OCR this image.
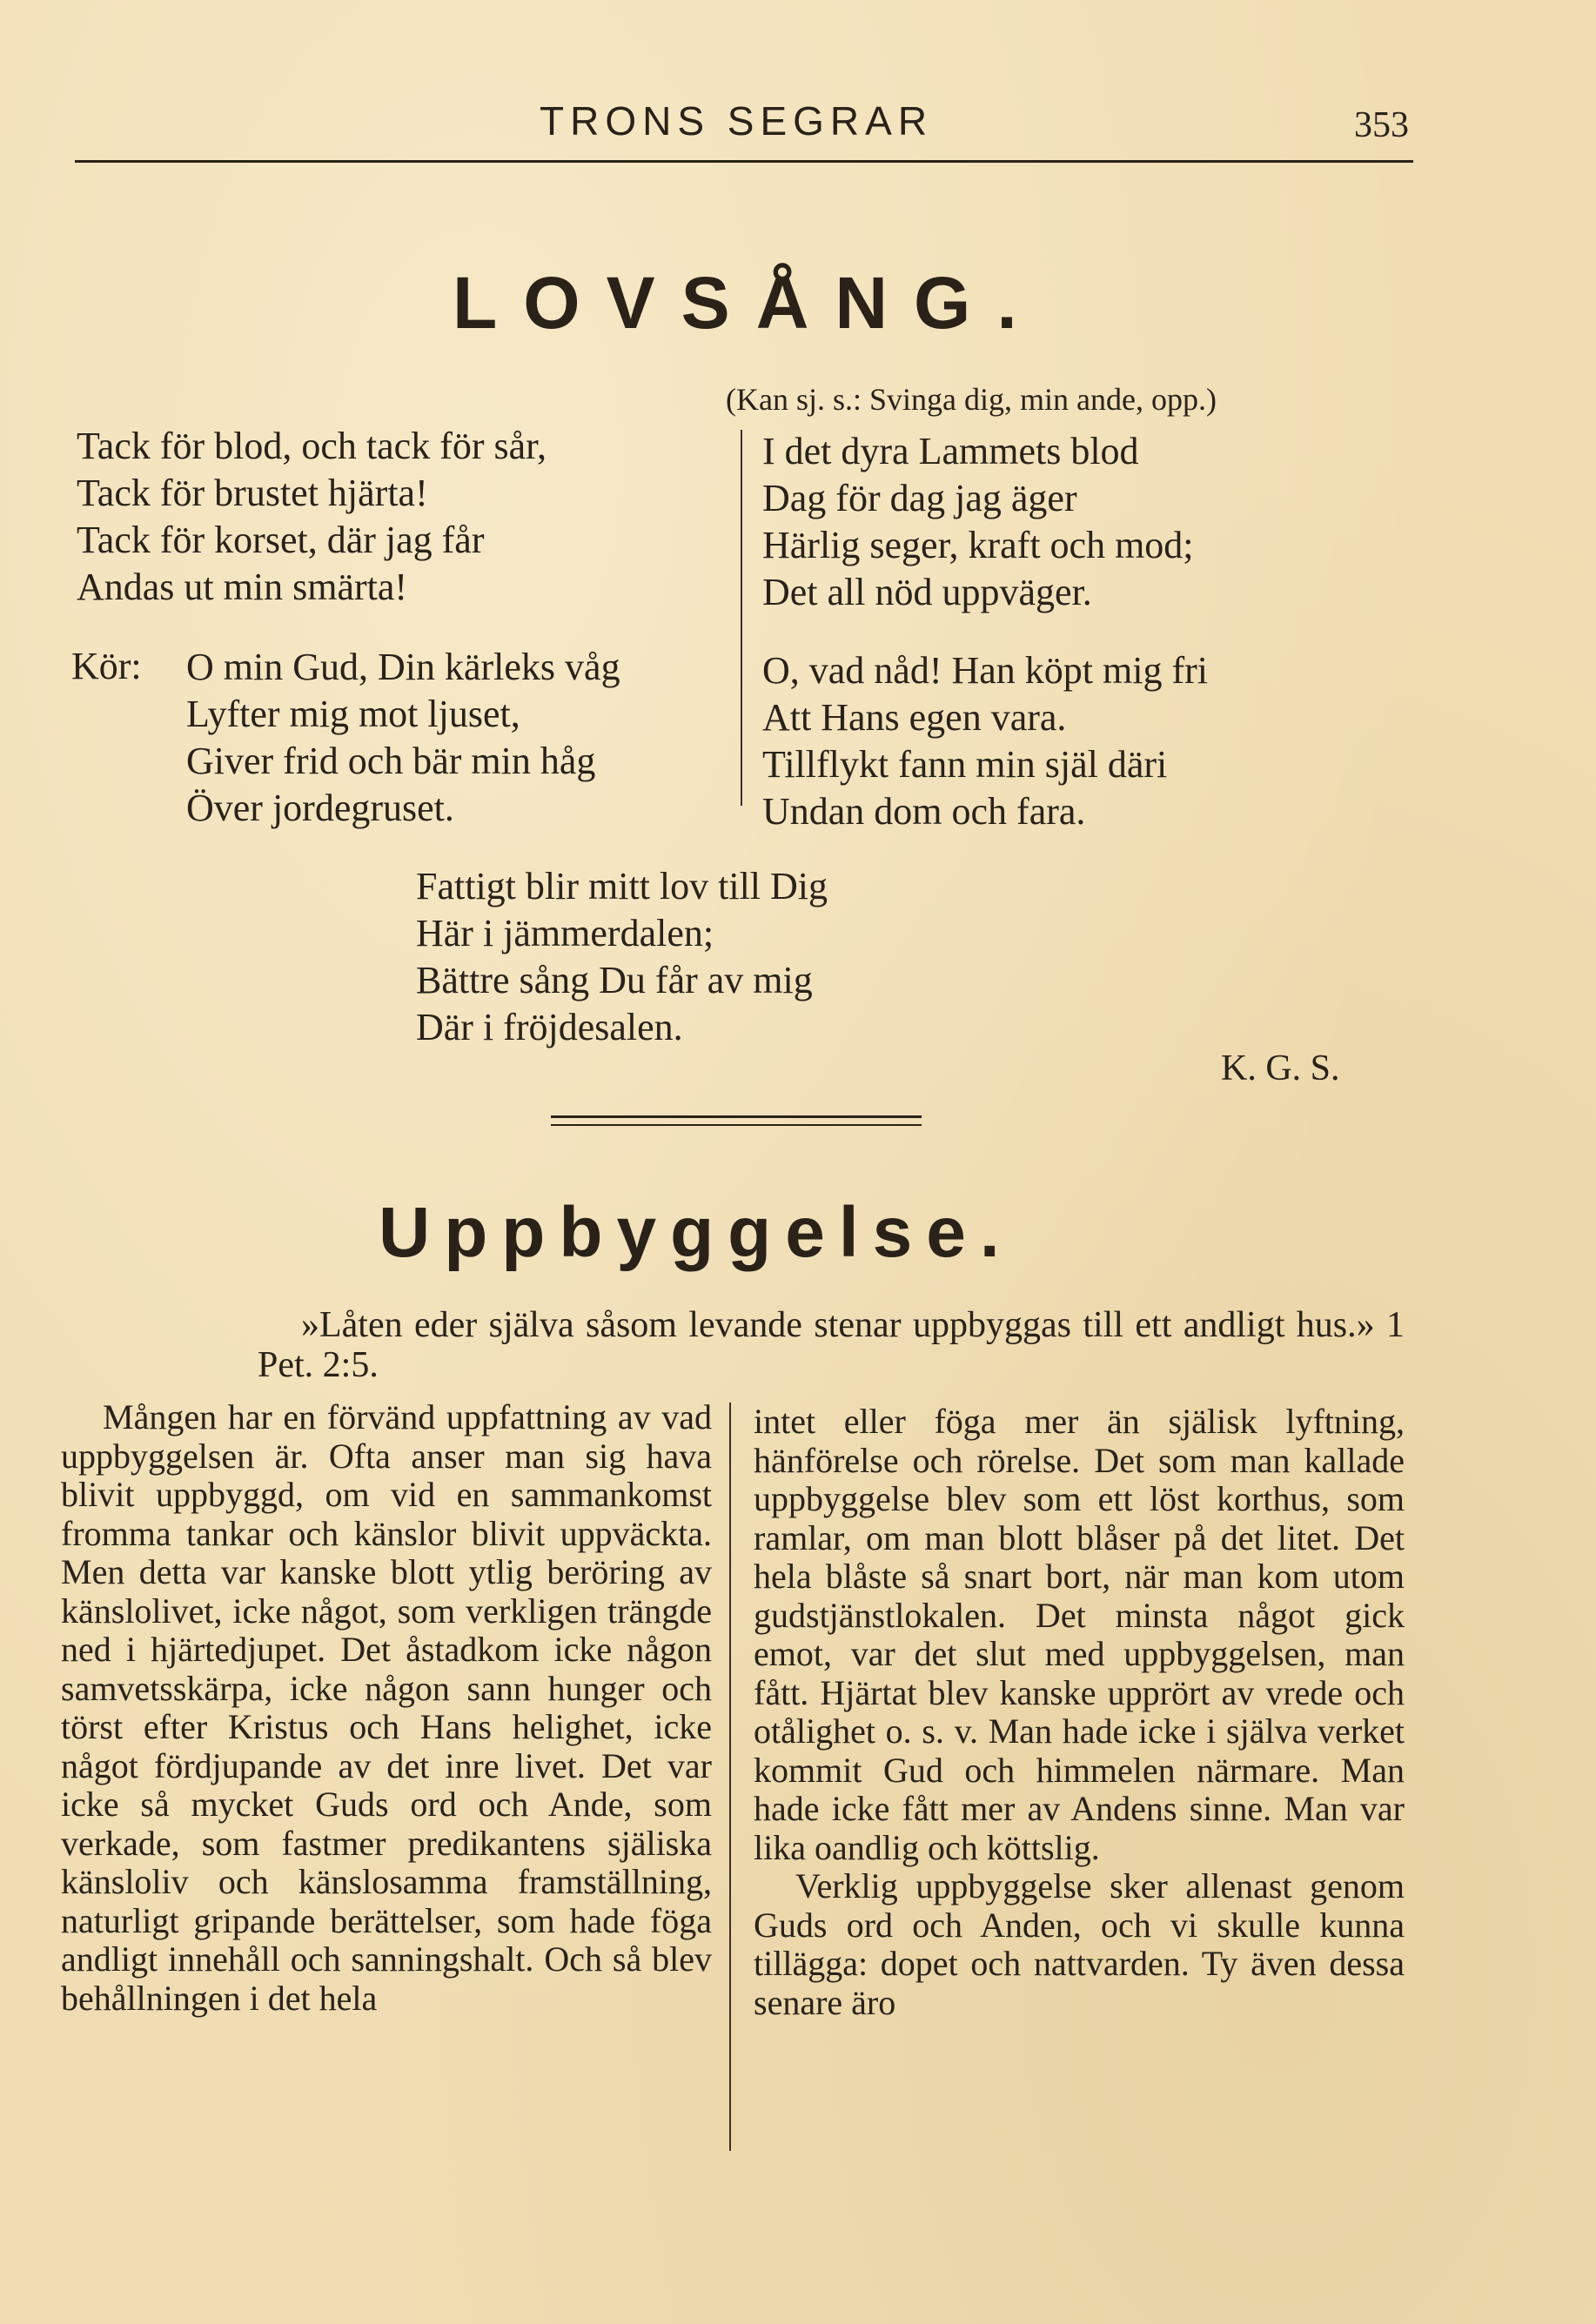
TRONS SEGRAR	353
LOVSÅNG.
(Kan sj. s.: Svinga dig, min ande, opp.)
Tack för blod, och tack för sår,
Tack för brustet hjärta!
Tack för korset, där jag får
Andas ut min smärta!
Kör: O min Gud, Din kärleks våg
Lyfter mig mot ljuset,
Giver frid och bär min håg
Över jordegruset.
I det dyra Lammets blod
Dag för dag jag äger
Härlig seger, kraft och mod;
Det all nöd uppväger.
O, vad nåd! Han köpt mig fri
Att Hans egen vara.
Tillflykt fann min själ däri
Undan dom och fara.
Fattigt blir mitt lov till Dig
Här i jämmerdalen;
Bättre sång Du får av mig
Där i fröjdesalen.
K. G. S.
Uppbyggelse.
»Låten eder själva såsom levande stenar uppbyggas till ett andligt hus.» 1 Pet. 2:5.

Mången har en förvänd uppfattning av vad uppbyggelsen är. Ofta anser man sig hava blivit uppbyggd, om vid en sammankomst fromma tankar och känslor blivit uppväckta. Men detta var kanske blott ytlig beröring av känslolivet, icke något, som verkligen trängde ned i hjärtedjupet. Det åstadkom icke någon samvetsskärpa, icke någon sann hunger och törst efter Kristus och Hans helighet, icke något fördjupande av det inre livet. Det var icke så mycket Guds ord och Ande, som verkade, som fastmer predikantens själiska känsloliv och känslosamma framställning, naturligt gripande berättelser, som hade föga andligt innehåll och sanningshalt. Och så blev behållningen i det hela

intet eller föga mer än själisk lyftning, hänförelse och rörelse. Det som man kallade uppbyggelse blev som ett löst korthus, som ramlar, om man blott blåser på det litet. Det hela blåste så snart bort, när man kom utom gudstjänstlokalen. Det minsta något gick emot, var det slut med uppbyggelsen, man fått. Hjärtat blev kanske upprört av vrede och otålighet o. s. v. Man hade icke i själva verket kommit Gud och himmelen närmare. Man hade icke fått mer av Andens sinne. Man var lika oandlig och köttslig.

Verklig uppbyggelse sker allenast genom Guds ord och Anden, och vi skulle kunna tillägga: dopet och nattvarden. Ty även dessa senare äro
